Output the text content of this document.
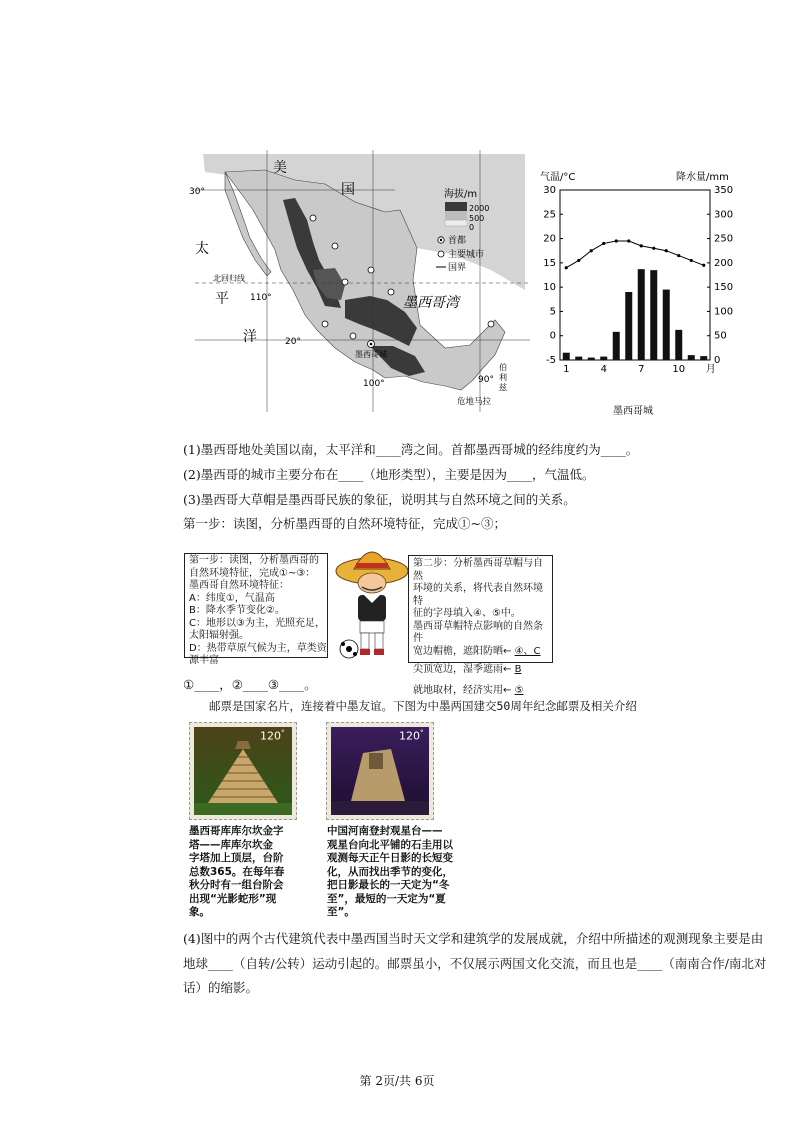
美
国
太
平
洋
墨西哥湾
30°
20°
110°
100°	90°
北回归线
墨西哥城
危地马拉
伯
利
兹
海拔/m
2000
500
0
首都
主要城市
国界
气温/°C	降水量/mm
墨西哥城
30
25
20
15
10
5
0
-5
350
300
250
200
150
100
50
0
1	4	7	10 月
(1)墨西哥地处美国以南，太平洋和____湾之间。首都墨西哥城的经纬度约为____。
(2)墨西哥的城市主要分布在____（地形类型），主要是因为____，气温低。
(3)墨西哥大草帽是墨西哥民族的象征，说明其与自然环境之间的关系。
第一步：读图，分析墨西哥的自然环境特征，完成①~③；
第一步：读图，分析墨西哥的
自然环境特征，完成①~③：
墨西哥自然环境特征：
A：纬度①，气温高
B：降水季节变化②。
C：地形以③为主，光照充足，
太阳辐射强。
D：热带草原气候为主，草类资
源丰富
第二步：分析墨西哥草帽与自然
环境的关系，将代表自然环境特
征的字母填入④、⑤中。
墨西哥草帽特点影响的自然条件
宽边帽檐，遮阳防晒← ④、C
尖顶宽边，湿季遮雨← B
就地取材，经济实用← ⑤
①____，②____③____。
邮票是国家名片，连接着中墨友谊。下图为中墨两国建交50周年纪念邮票及相关介绍
120°	120°
墨西哥库库尔坎金字
塔——库库尔坎金
字塔加上顶层，台阶
总数365。在每年春
秋分时有一组台阶会
出现“光影蛇形”现
象。
中国河南登封观星台——
观星台向北平铺的石圭用以
观测每天正午日影的长短变
化，从而找出季节的变化，
把日影最长的一天定为“冬
至”，最短的一天定为“夏
至”。
(4)图中的两个古代建筑代表中墨西国当时天文学和建筑学的发展成就，介绍中所描述的观测现象主要是由
地球____（自转/公转）运动引起的。邮票虽小，不仅展示两国文化交流，而且也是____（南南合作/南北对
话）的缩影。
第 2页/共 6页
